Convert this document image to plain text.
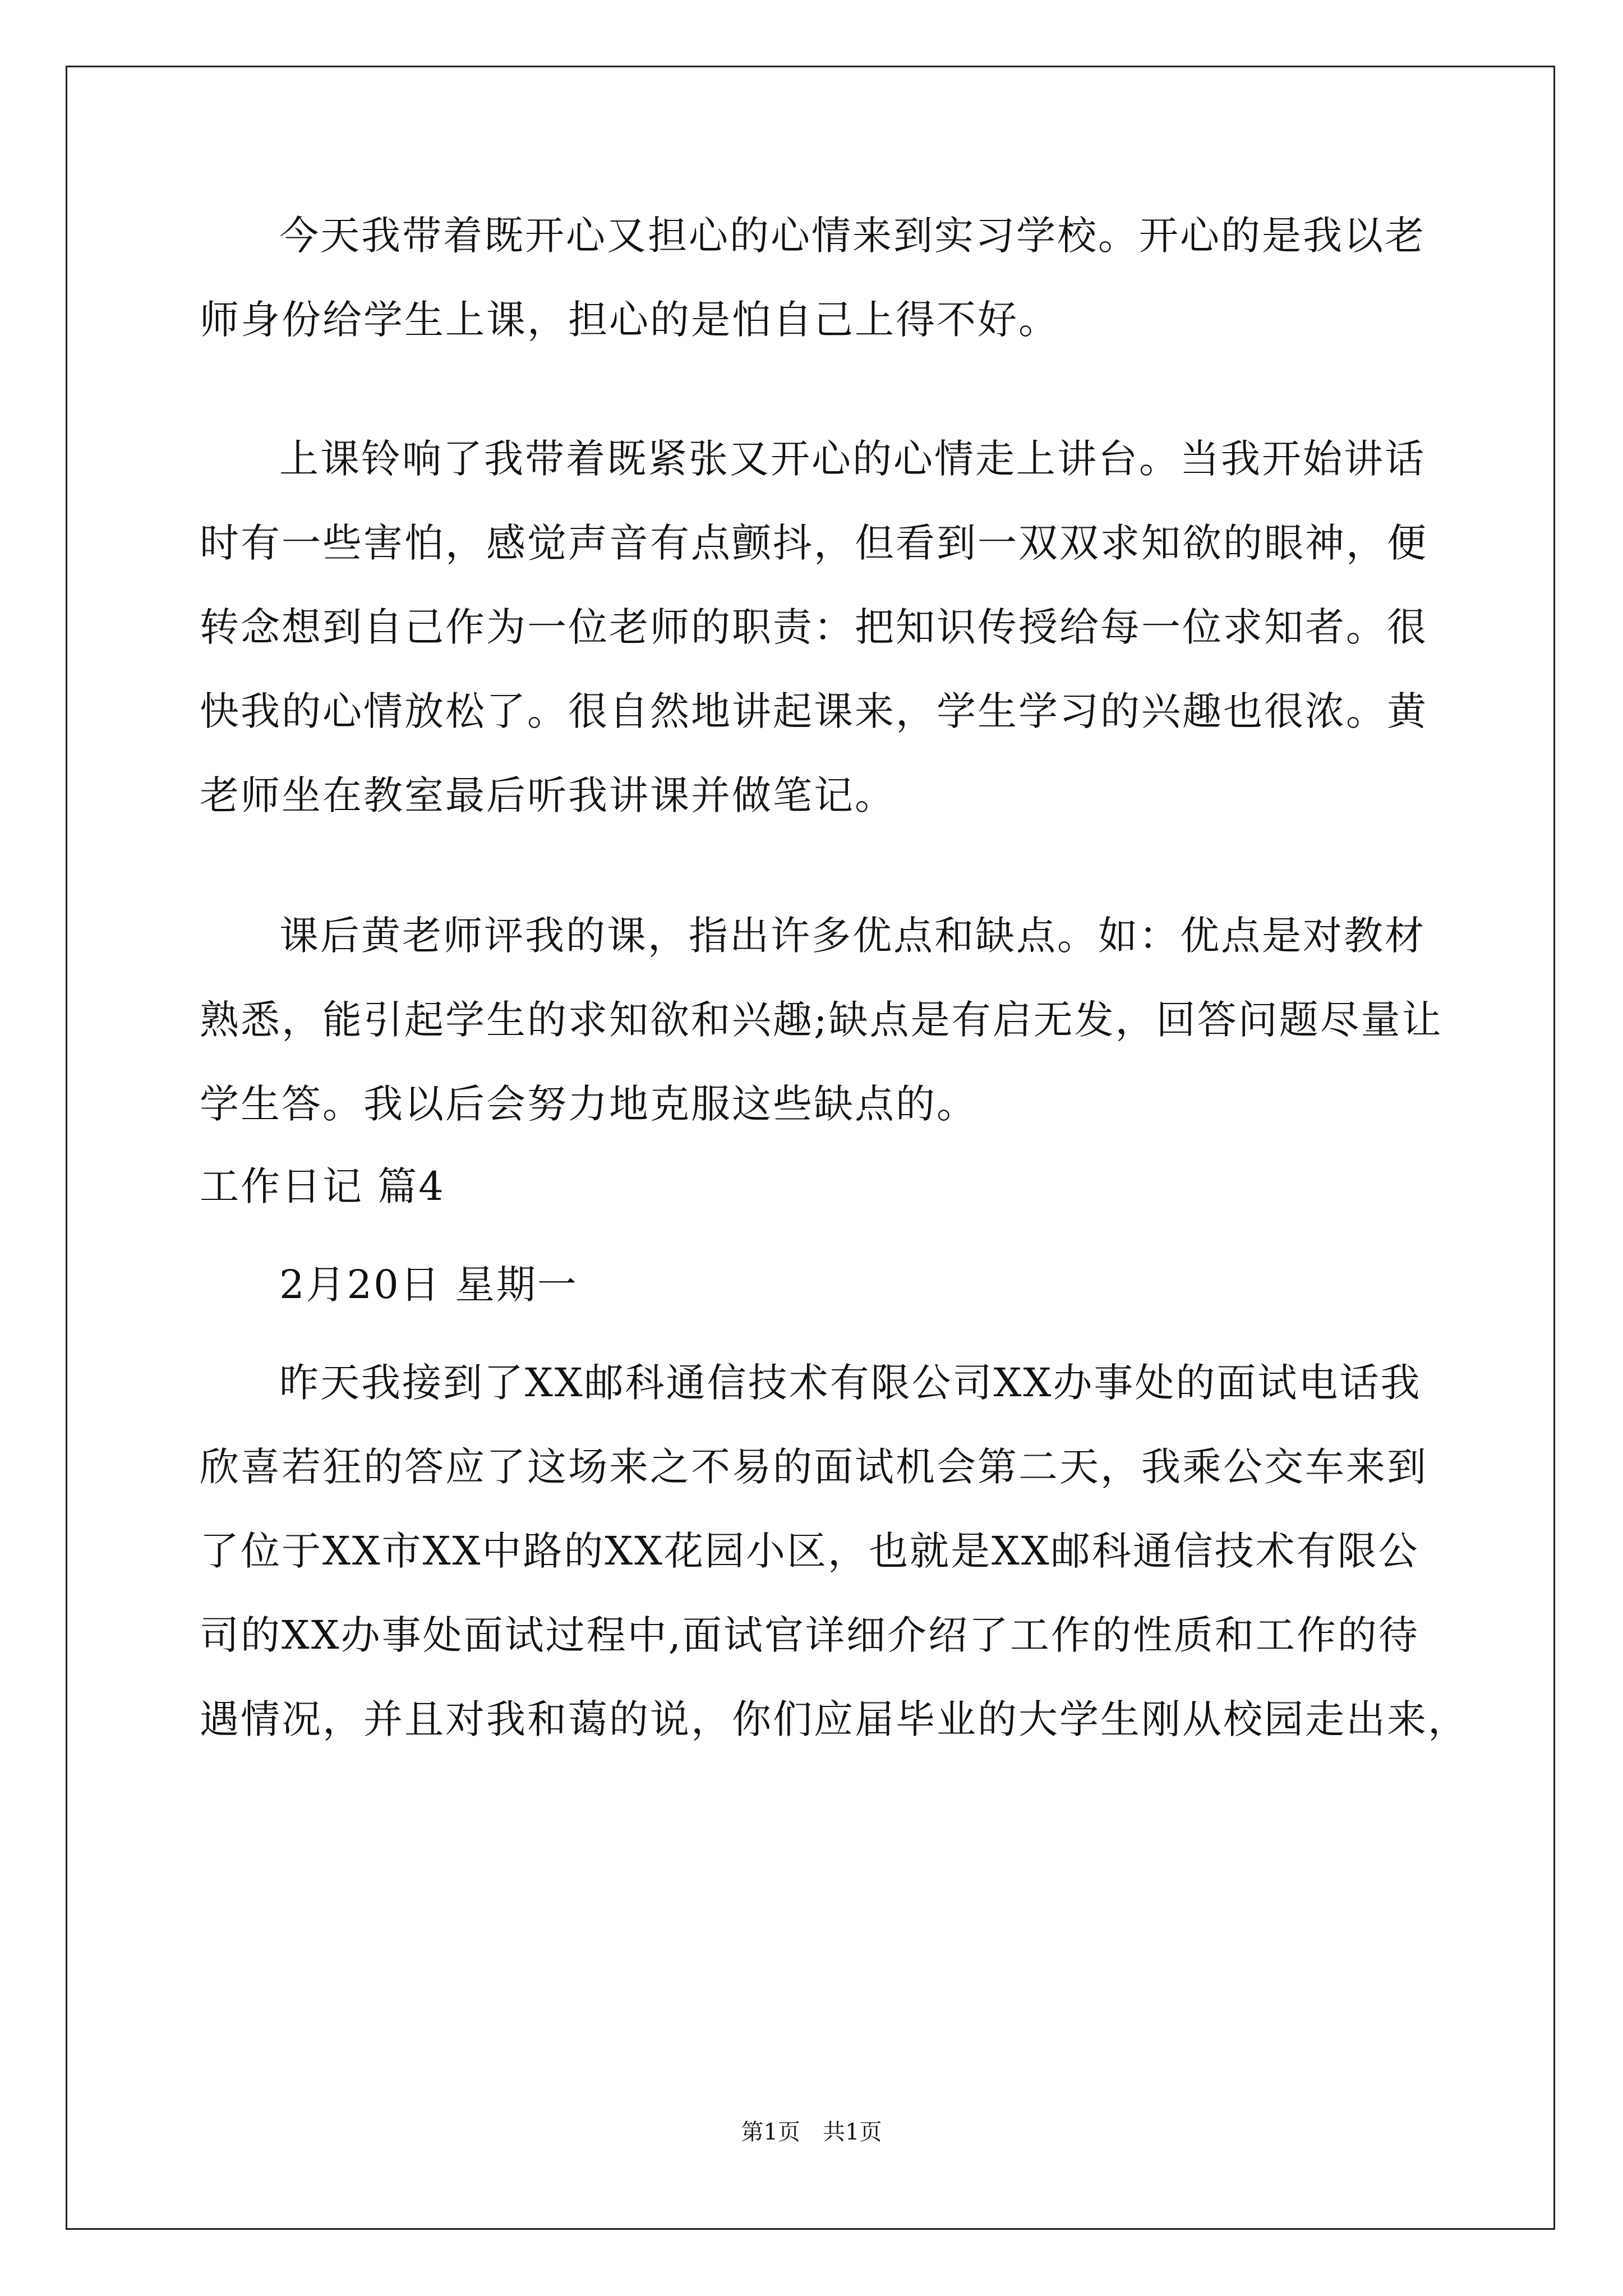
今天我带着既开心又担心的心情来到实习学校。开心的是我以老
师身份给学生上课，担心的是怕自己上得不好。
上课铃响了我带着既紧张又开心的心情走上讲台。当我开始讲话
时有一些害怕，感觉声音有点颤抖，但看到一双双求知欲的眼神，便
转念想到自己作为一位老师的职责：把知识传授给每一位求知者。很
快我的心情放松了。很自然地讲起课来，学生学习的兴趣也很浓。黄
老师坐在教室最后听我讲课并做笔记。
课后黄老师评我的课，指出许多优点和缺点。如：优点是对教材
熟悉，能引起学生的求知欲和兴趣;缺点是有启无发，回答问题尽量让
学生答。我以后会努力地克服这些缺点的。
工作日记 篇4
2月20日 星期一
昨天我接到了XX邮科通信技术有限公司XX办事处的面试电话我
欣喜若狂的答应了这场来之不易的面试机会第二天，我乘公交车来到
了位于XX市XX中路的XX花园小区，也就是XX邮科通信技术有限公
司的XX办事处面试过程中,面试官详细介绍了工作的性质和工作的待
遇情况，并且对我和蔼的说，你们应届毕业的大学生刚从校园走出来，
第1页　共1页
